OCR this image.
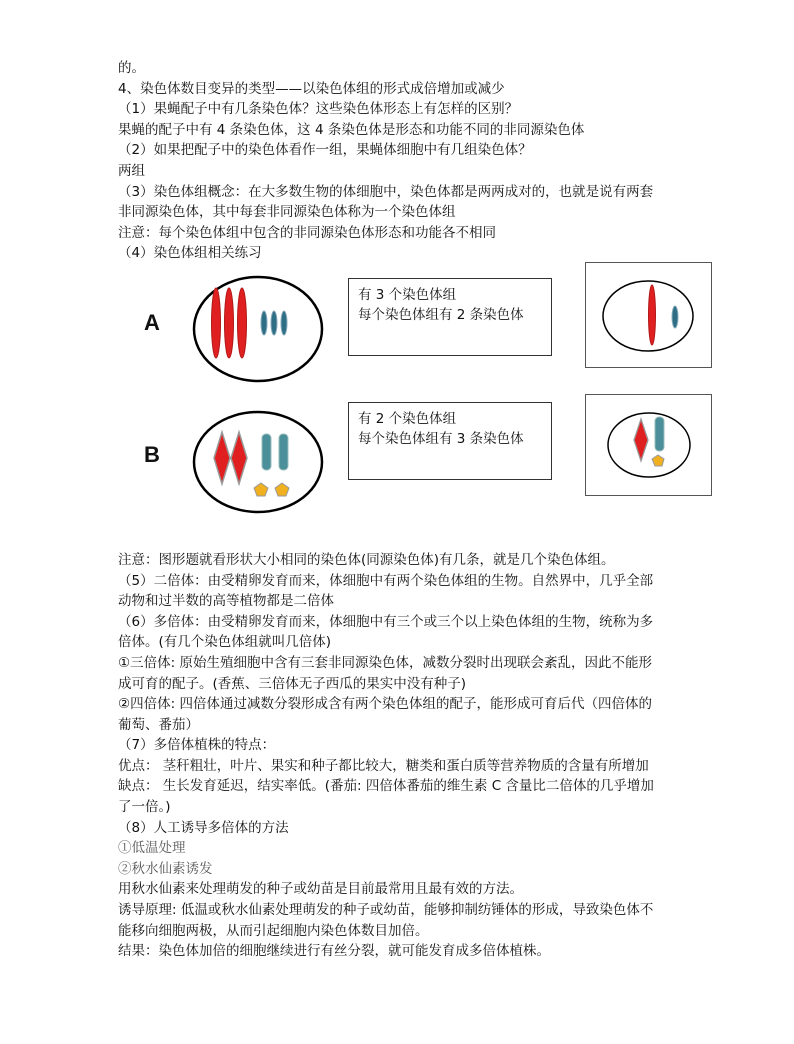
的。

4、染色体数目变异的类型——以染色体组的形式成倍增加或减少

（1）果蝇配子中有几条染色体？这些染色体形态上有怎样的区别？

果蝇的配子中有 4 条染色体，这 4 条染色体是形态和功能不同的非同源染色体

（2）如果把配子中的染色体看作一组，果蝇体细胞中有几组染色体？

两组

（3）染色体组概念：在大多数生物的体细胞中，染色体都是两两成对的，也就是说有两套

非同源染色体，其中每套非同源染色体称为一个染色体组

注意：每个染色体组中包含的非同源染色体形态和功能各不相同

（4）染色体组相关练习

A
有 3 个染色体组
每个染色体组有 2 条染色体
B
有 2 个染色体组
每个染色体组有 3 条染色体

注意：图形题就看形状大小相同的染色体(同源染色体)有几条，就是几个染色体组。

（5）二倍体：由受精卵发育而来，体细胞中有两个染色体组的生物。自然界中，几乎全部

动物和过半数的高等植物都是二倍体

（6）多倍体：由受精卵发育而来，体细胞中有三个或三个以上染色体组的生物，统称为多

倍体。(有几个染色体组就叫几倍体)

①三倍体: 原始生殖细胞中含有三套非同源染色体，减数分裂时出现联会紊乱，因此不能形

成可育的配子。(香蕉、三倍体无子西瓜的果实中没有种子)

②四倍体: 四倍体通过减数分裂形成含有两个染色体组的配子，能形成可育后代（四倍体的

葡萄、番茄）

（7）多倍体植株的特点：

优点： 茎秆粗壮，叶片、果实和种子都比较大，糖类和蛋白质等营养物质的含量有所增加

缺点： 生长发育延迟，结实率低。(番茄: 四倍体番茄的维生素 C 含量比二倍体的几乎增加

了一倍。)

（8）人工诱导多倍体的方法

①低温处理

②秋水仙素诱发

用秋水仙素来处理萌发的种子或幼苗是目前最常用且最有效的方法。

诱导原理: 低温或秋水仙素处理萌发的种子或幼苗，能够抑制纺锤体的形成，导致染色体不

能移向细胞两极，从而引起细胞内染色体数目加倍。

结果：染色体加倍的细胞继续进行有丝分裂，就可能发育成多倍体植株。
